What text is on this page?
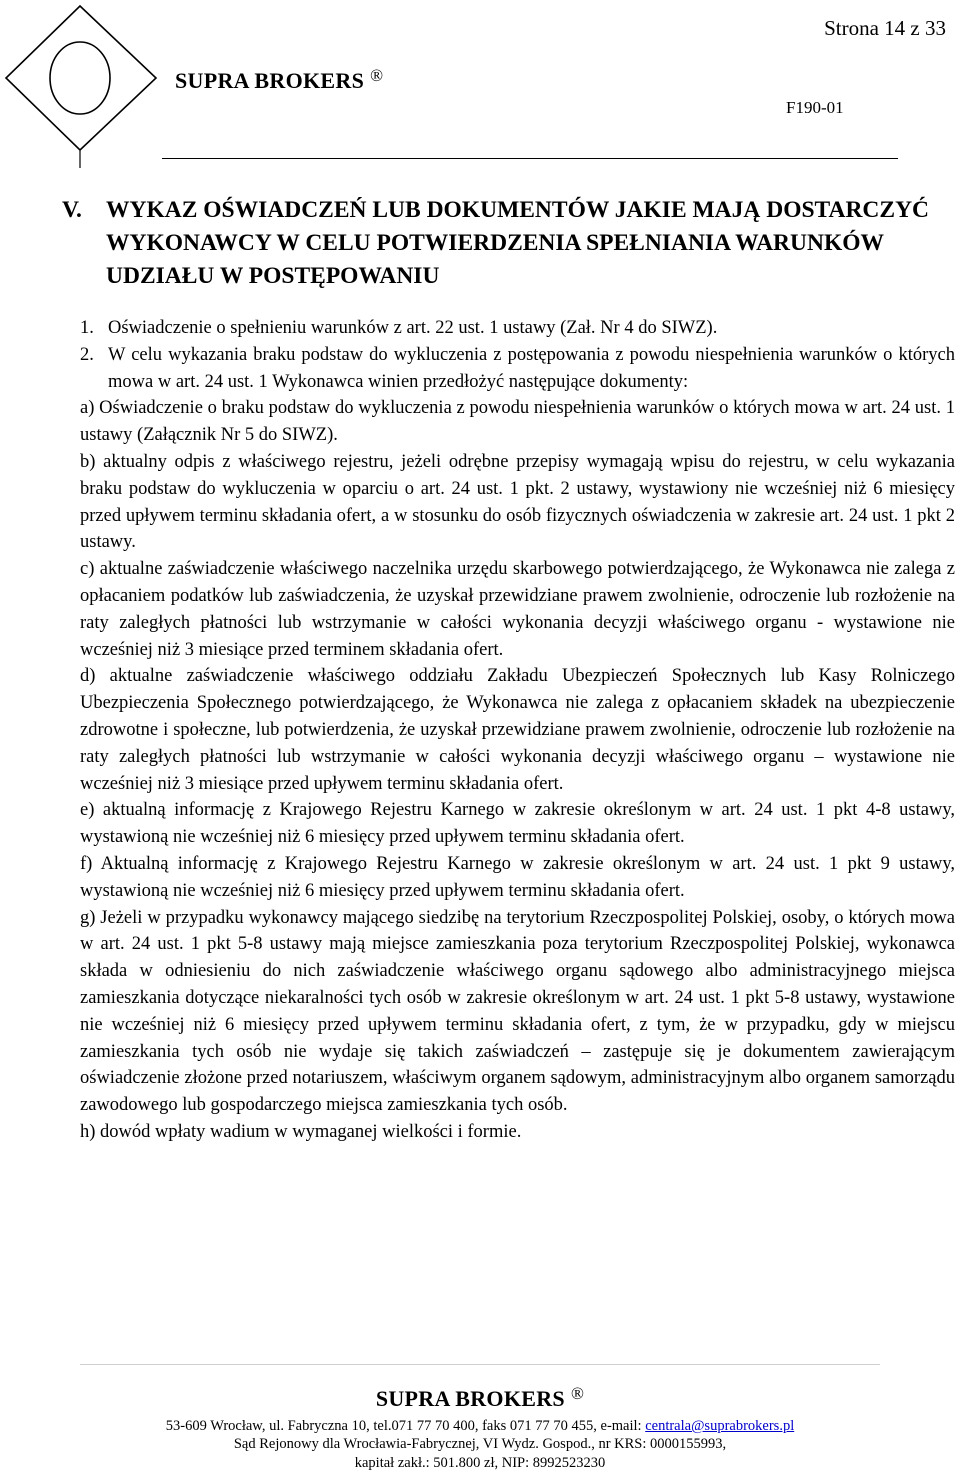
Strona 14 z 33
SUPRA BROKERS ®
F190-01
V. WYKAZ OŚWIADCZEŃ LUB DOKUMENTÓW JAKIE MAJĄ DOSTARCZYĆ WYKONAWCY W CELU POTWIERDZENIA SPEŁNIANIA WARUNKÓW UDZIAŁU W POSTĘPOWANIU
1. Oświadczenie o spełnieniu warunków z art. 22 ust. 1 ustawy (Zał. Nr 4 do SIWZ).
2. W celu wykazania braku podstaw do wykluczenia z postępowania z powodu niespełnienia warunków o których mowa w art. 24 ust. 1 Wykonawca winien przedłożyć następujące dokumenty:

a) Oświadczenie o braku podstaw do wykluczenia z powodu niespełnienia warunków o których mowa w art. 24 ust. 1 ustawy (Załącznik Nr 5 do SIWZ).

b) aktualny odpis z właściwego rejestru, jeżeli odrębne przepisy wymagają wpisu do rejestru, w celu wykazania braku podstaw do wykluczenia w oparciu o art. 24 ust. 1 pkt. 2 ustawy, wystawiony nie wcześniej niż 6 miesięcy przed upływem terminu składania ofert, a w stosunku do osób fizycznych oświadczenia w zakresie art. 24 ust. 1 pkt 2 ustawy.

c) aktualne zaświadczenie właściwego naczelnika urzędu skarbowego potwierdzającego, że Wykonawca nie zalega z opłacaniem podatków lub zaświadczenia, że uzyskał przewidziane prawem zwolnienie, odroczenie lub rozłożenie na raty zaległych płatności lub wstrzymanie w całości wykonania decyzji właściwego organu - wystawione nie wcześniej niż 3 miesiące przed terminem składania ofert.

d) aktualne zaświadczenie właściwego oddziału Zakładu Ubezpieczeń Społecznych lub Kasy Rolniczego Ubezpieczenia Społecznego potwierdzającego, że Wykonawca nie zalega z opłacaniem składek na ubezpieczenie zdrowotne i społeczne, lub potwierdzenia, że uzyskał przewidziane prawem zwolnienie, odroczenie lub rozłożenie na raty zaległych płatności lub wstrzymanie w całości wykonania decyzji właściwego organu – wystawione nie wcześniej niż 3 miesiące przed upływem terminu składania ofert.

e) aktualną informację z Krajowego Rejestru Karnego w zakresie określonym w art. 24 ust. 1 pkt 4-8 ustawy, wystawioną nie wcześniej niż 6 miesięcy przed upływem terminu składania ofert.

f) Aktualną informację z Krajowego Rejestru Karnego w zakresie określonym w art. 24 ust. 1 pkt 9 ustawy, wystawioną nie wcześniej niż 6 miesięcy przed upływem terminu składania ofert.

g) Jeżeli w przypadku wykonawcy mającego siedzibę na terytorium Rzeczpospolitej Polskiej, osoby, o których mowa w art. 24 ust. 1 pkt 5-8 ustawy mają miejsce zamieszkania poza terytorium Rzeczpospolitej Polskiej, wykonawca składa w odniesieniu do nich zaświadczenie właściwego organu sądowego albo administracyjnego miejsca zamieszkania dotyczące niekaralności tych osób w zakresie określonym w art. 24 ust. 1 pkt 5-8 ustawy, wystawione nie wcześniej niż 6 miesięcy przed upływem terminu składania ofert, z tym, że w przypadku, gdy w miejscu zamieszkania tych osób nie wydaje się takich zaświadczeń – zastępuje się je dokumentem zawierającym oświadczenie złożone przed notariuszem, właściwym organem sądowym, administracyjnym albo organem samorządu zawodowego lub gospodarczego miejsca zamieszkania tych osób.

h) dowód wpłaty wadium w wymaganej wielkości i formie.

SUPRA BROKERS ®
53-609 Wrocław, ul. Fabryczna 10, tel.071 77 70 400, faks 071 77 70 455, e-mail: centrala@suprabrokers.pl
Sąd Rejonowy dla Wrocławia-Fabrycznej, VI Wydz. Gospod., nr KRS: 0000155993,
kapitał zakł.: 501.800 zł, NIP: 8992523230
